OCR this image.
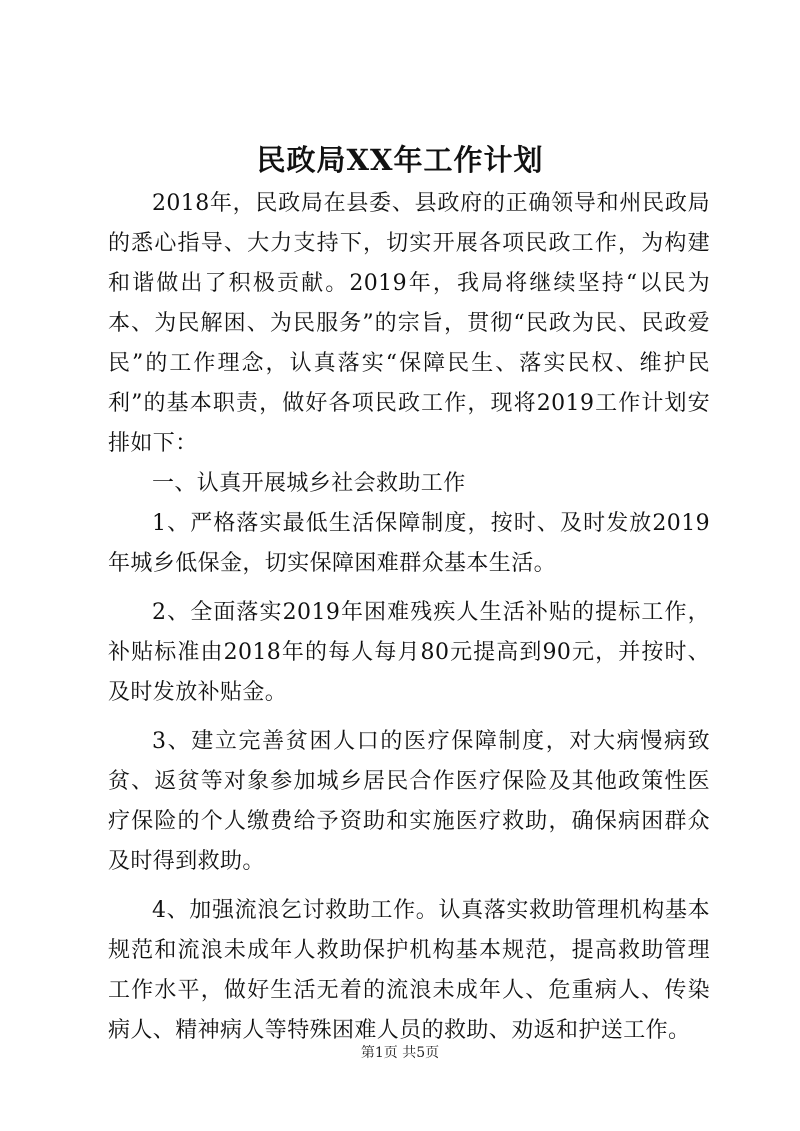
民政局XX年工作计划

2018年，民政局在县委、县政府的正确领导和州民政局的悉心指导、大力支持下，切实开展各项民政工作，为构建和谐做出了积极贡献。2019年，我局将继续坚持“以民为本、为民解困、为民服务”的宗旨，贯彻“民政为民、民政爱民”的工作理念，认真落实“保障民生、落实民权、维护民利”的基本职责，做好各项民政工作，现将2019工作计划安排如下：

一、认真开展城乡社会救助工作

1、严格落实最低生活保障制度，按时、及时发放2019年城乡低保金，切实保障困难群众基本生活。

2、全面落实2019年困难残疾人生活补贴的提标工作，补贴标准由2018年的每人每月80元提高到90元，并按时、及时发放补贴金。

3、建立完善贫困人口的医疗保障制度，对大病慢病致贫、返贫等对象参加城乡居民合作医疗保险及其他政策性医疗保险的个人缴费给予资助和实施医疗救助，确保病困群众及时得到救助。

4、加强流浪乞讨救助工作。认真落实救助管理机构基本规范和流浪未成年人救助保护机构基本规范，提高救助管理工作水平，做好生活无着的流浪未成年人、危重病人、传染病人、精神病人等特殊困难人员的救助、劝返和护送工作。

第1页 共5页
